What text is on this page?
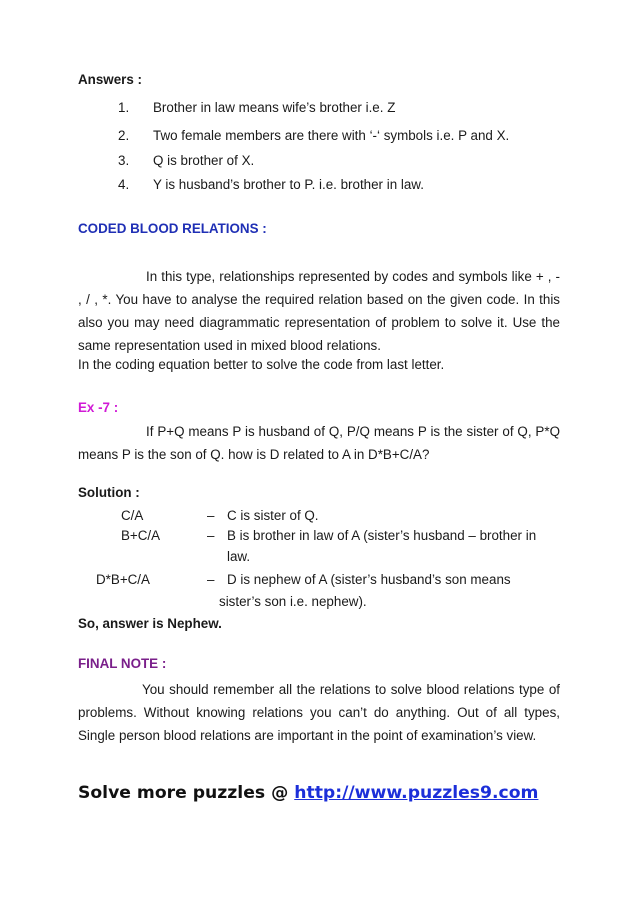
Answers :
1. Brother in law means wife’s brother i.e. Z
2. Two female members are there with ‘-‘ symbols i.e. P and X.
3. Q is brother of X.
4. Y is husband’s brother to P. i.e. brother in law.
CODED BLOOD RELATIONS :
In this type, relationships represented by codes and symbols like + , - , / , *. You have to analyse the required relation based on the given code. In this also you may need diagrammatic representation of problem to solve it. Use the same representation used in mixed blood relations.
In the coding equation better to solve the code from last letter.
Ex -7 :
If P+Q means P is husband of Q, P/Q means P is the sister of Q, P*Q means P is the son of Q. how is D related to A in D*B+C/A?
Solution :
C/A	– C is sister of Q.
B+C/A	– B is brother in law of A (sister’s husband – brother in
law.
D*B+C/A	– D is nephew of A (sister’s husband’s son means
sister’s son i.e. nephew).
So, answer is Nephew.
FINAL NOTE :
You should remember all the relations to solve blood relations type of problems. Without knowing relations you can’t do anything. Out of all types, Single person blood relations are important in the point of examination’s view.
Solve more puzzles @ http://www.puzzles9.com
